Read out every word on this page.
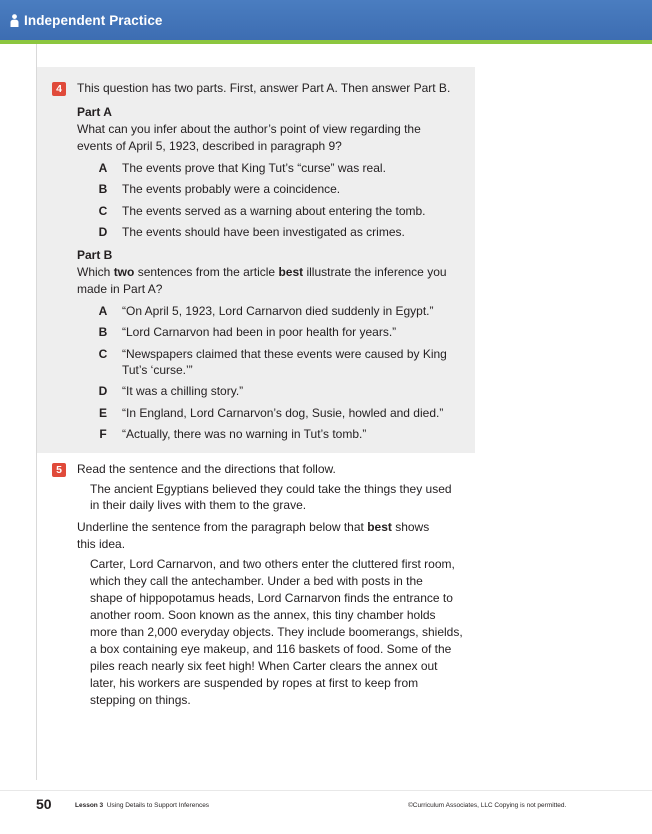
Independent Practice
4	This question has two parts. First, answer Part A. Then answer Part B.
Part A
What can you infer about the author’s point of view regarding the
events of April 5, 1923, described in paragraph 9?
A The events prove that King Tut’s “curse” was real.
B The events probably were a coincidence.
C The events served as a warning about entering the tomb.
D The events should have been investigated as crimes.
Part B
Which two sentences from the article best illustrate the inference you
made in Part A?
A “On April 5, 1923, Lord Carnarvon died suddenly in Egypt.”
B “Lord Carnarvon had been in poor health for years.”
C “Newspapers claimed that these events were caused by King
Tut’s ‘curse.’”
D “It was a chilling story.”
E “In England, Lord Carnarvon’s dog, Susie, howled and died.”
F “Actually, there was no warning in Tut’s tomb.”
5	Read the sentence and the directions that follow.
The ancient Egyptians believed they could take the things they used
in their daily lives with them to the grave.
Underline the sentence from the paragraph below that best shows
this idea.
Carter, Lord Carnarvon, and two others enter the cluttered first room,
which they call the antechamber. Under a bed with posts in the
shape of hippopotamus heads, Lord Carnarvon finds the entrance to
another room. Soon known as the annex, this tiny chamber holds
more than 2,000 everyday objects. They include boomerangs, shields,
a box containing eye makeup, and 116 baskets of food. Some of the
piles reach nearly six feet high! When Carter clears the annex out
later, his workers are suspended by ropes at first to keep from
stepping on things.
50	Lesson 3 Using Details to Support Inferences	©Curriculum Associates, LLC Copying is not permitted.
